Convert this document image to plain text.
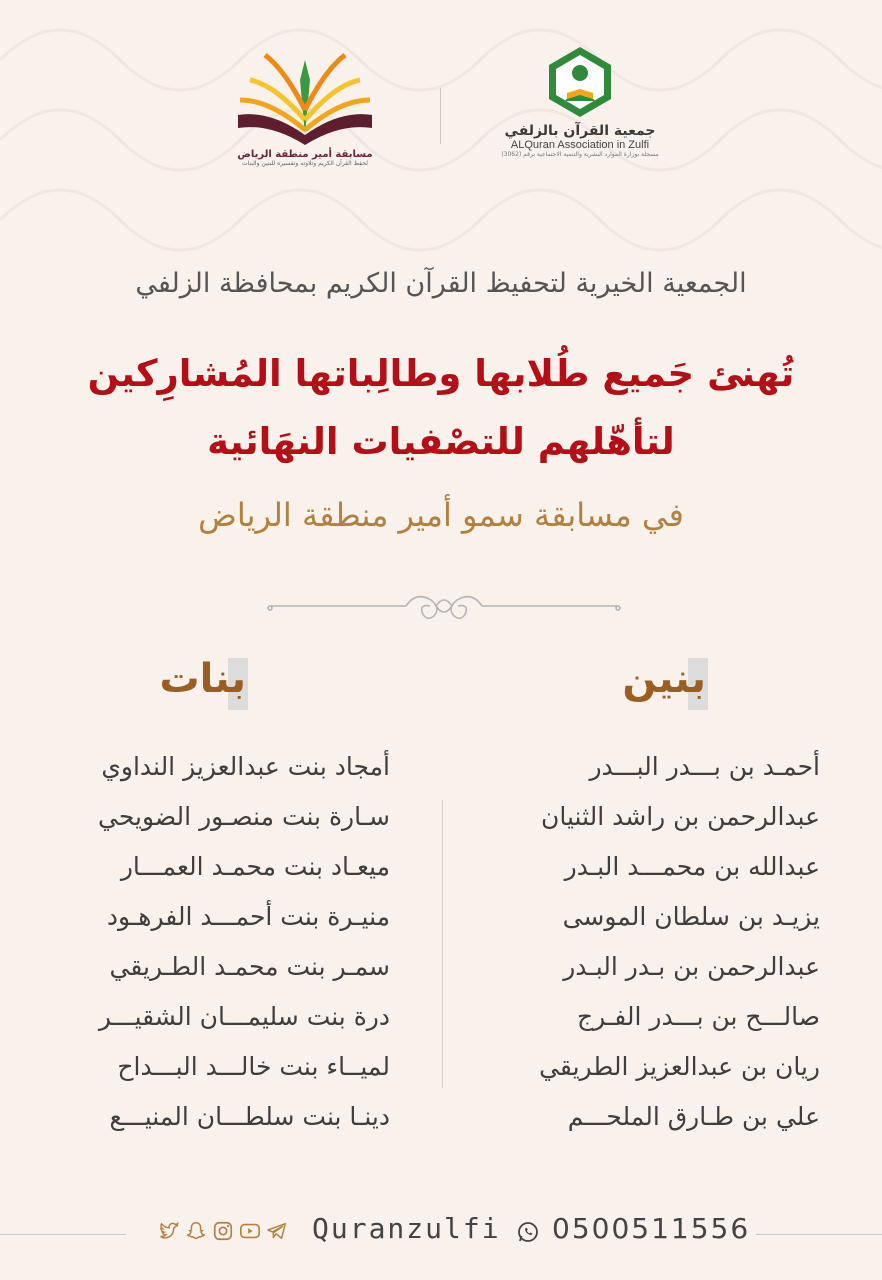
مسابقة أمير منطقة الرياض
لحفظ القرآن الكريم وتلاوته وتفسيره للبنين والبنات
جمعية القرآن بالزلفي
ALQuran Association in Zulfi
مسجلة بوزارة الموارد البشرية والتنمية الاجتماعية برقم (3062)
الجمعية الخيرية لتحفيظ القرآن الكريم بمحافظة الزلفي
تُهنئ جَميع طُلابها وطالِباتها المُشارِكين
لتأهّلهم للتصْفيات النهَائية
في مسابقة سمو أمير منطقة الرياض
بنين
بنات
أحمـد بن بـــدر البـــدر
عبدالرحمن بن راشد الثنيان
عبدالله بن محمـــد البـدر
يزيـد بن سلطان الموسى
عبدالرحمن بن بـدر البـدر
صالـــح بن بـــدر الفـرج
ريان بن عبدالعزيز الطريقي
علي بن طـارق الملحـــم
أمجاد بنت عبدالعزيز النداوي
سـارة بنت منصـور الضويحي
ميعـاد بنت محمـد العمـــار
منيـرة بنت أحمـــد الفرهـود
سمـر بنت محمـد الطـريقي
درة بنت سليمـــان الشقيـــر
لميــاء بنت خالـــد البـــداح
دينـا بنت سلطـــان المنيـــع
Quranzulfi 0500511556
